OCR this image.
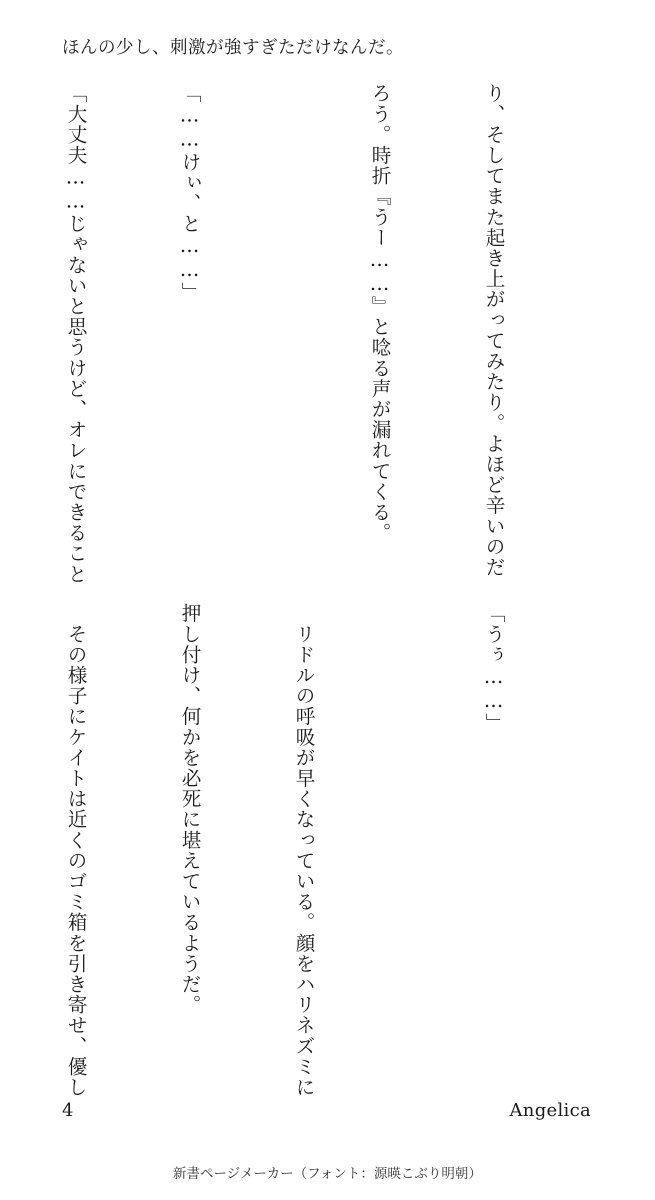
ほんの少し、刺激が強すぎただけなんだ。

り、そしてまた起き上がってみたり。よほど辛いのだ

ろう。時折『うー……』と唸る声が漏れてくる。

「……けぃ、と……」

「大丈夫……じゃないと思うけど、オレにできること

「うぅ……」

　リドルの呼吸が早くなっている。顔をハリネズミに

押し付け、何かを必死に堪えているようだ。

　その様子にケイトは近くのゴミ箱を引き寄せ、優し

4	Angelica
新書ページメーカー（フォント：源暎こぶり明朝）
